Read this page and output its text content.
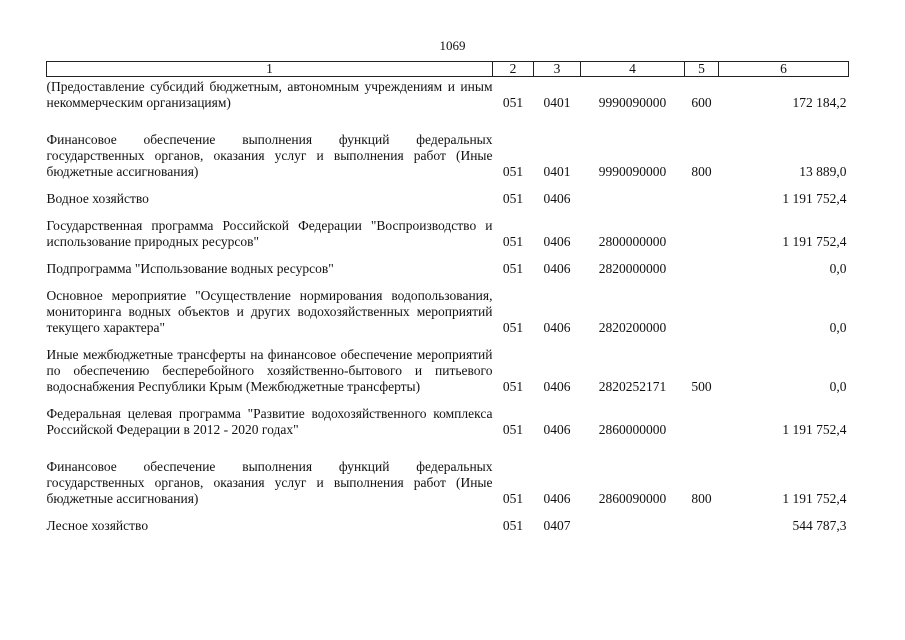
1069
1	2	3	4	5	6
(Предоставление субсидий бюджетным, автономным учреждениям и иным некоммерческим организациям)	051	0401	9990090000	600	172 184,2
Финансовое обеспечение выполнения функций федеральных государственных органов, оказания услуг и выполнения работ (Иные бюджетные ассигнования)	051	0401	9990090000	800	13 889,0
Водное хозяйство	051	0406			1 191 752,4
Государственная программа Российской Федерации "Воспроизводство и использование природных ресурсов"	051	0406	2800000000		1 191 752,4
Подпрограмма "Использование водных ресурсов"	051	0406	2820000000		0,0
Основное мероприятие "Осуществление нормирования водопользования, мониторинга водных объектов и других водохозяйственных мероприятий текущего характера"	051	0406	2820200000		0,0
Иные межбюджетные трансферты на финансовое обеспечение мероприятий по обеспечению бесперебойного хозяйственно-бытового и питьевого водоснабжения Республики Крым (Межбюджетные трансферты)	051	0406	2820252171	500	0,0
Федеральная целевая программа "Развитие водохозяйственного комплекса Российской Федерации в 2012 - 2020 годах"	051	0406	2860000000		1 191 752,4
Финансовое обеспечение выполнения функций федеральных государственных органов, оказания услуг и выполнения работ (Иные бюджетные ассигнования)	051	0406	2860090000	800	1 191 752,4
Лесное хозяйство	051	0407			544 787,3
